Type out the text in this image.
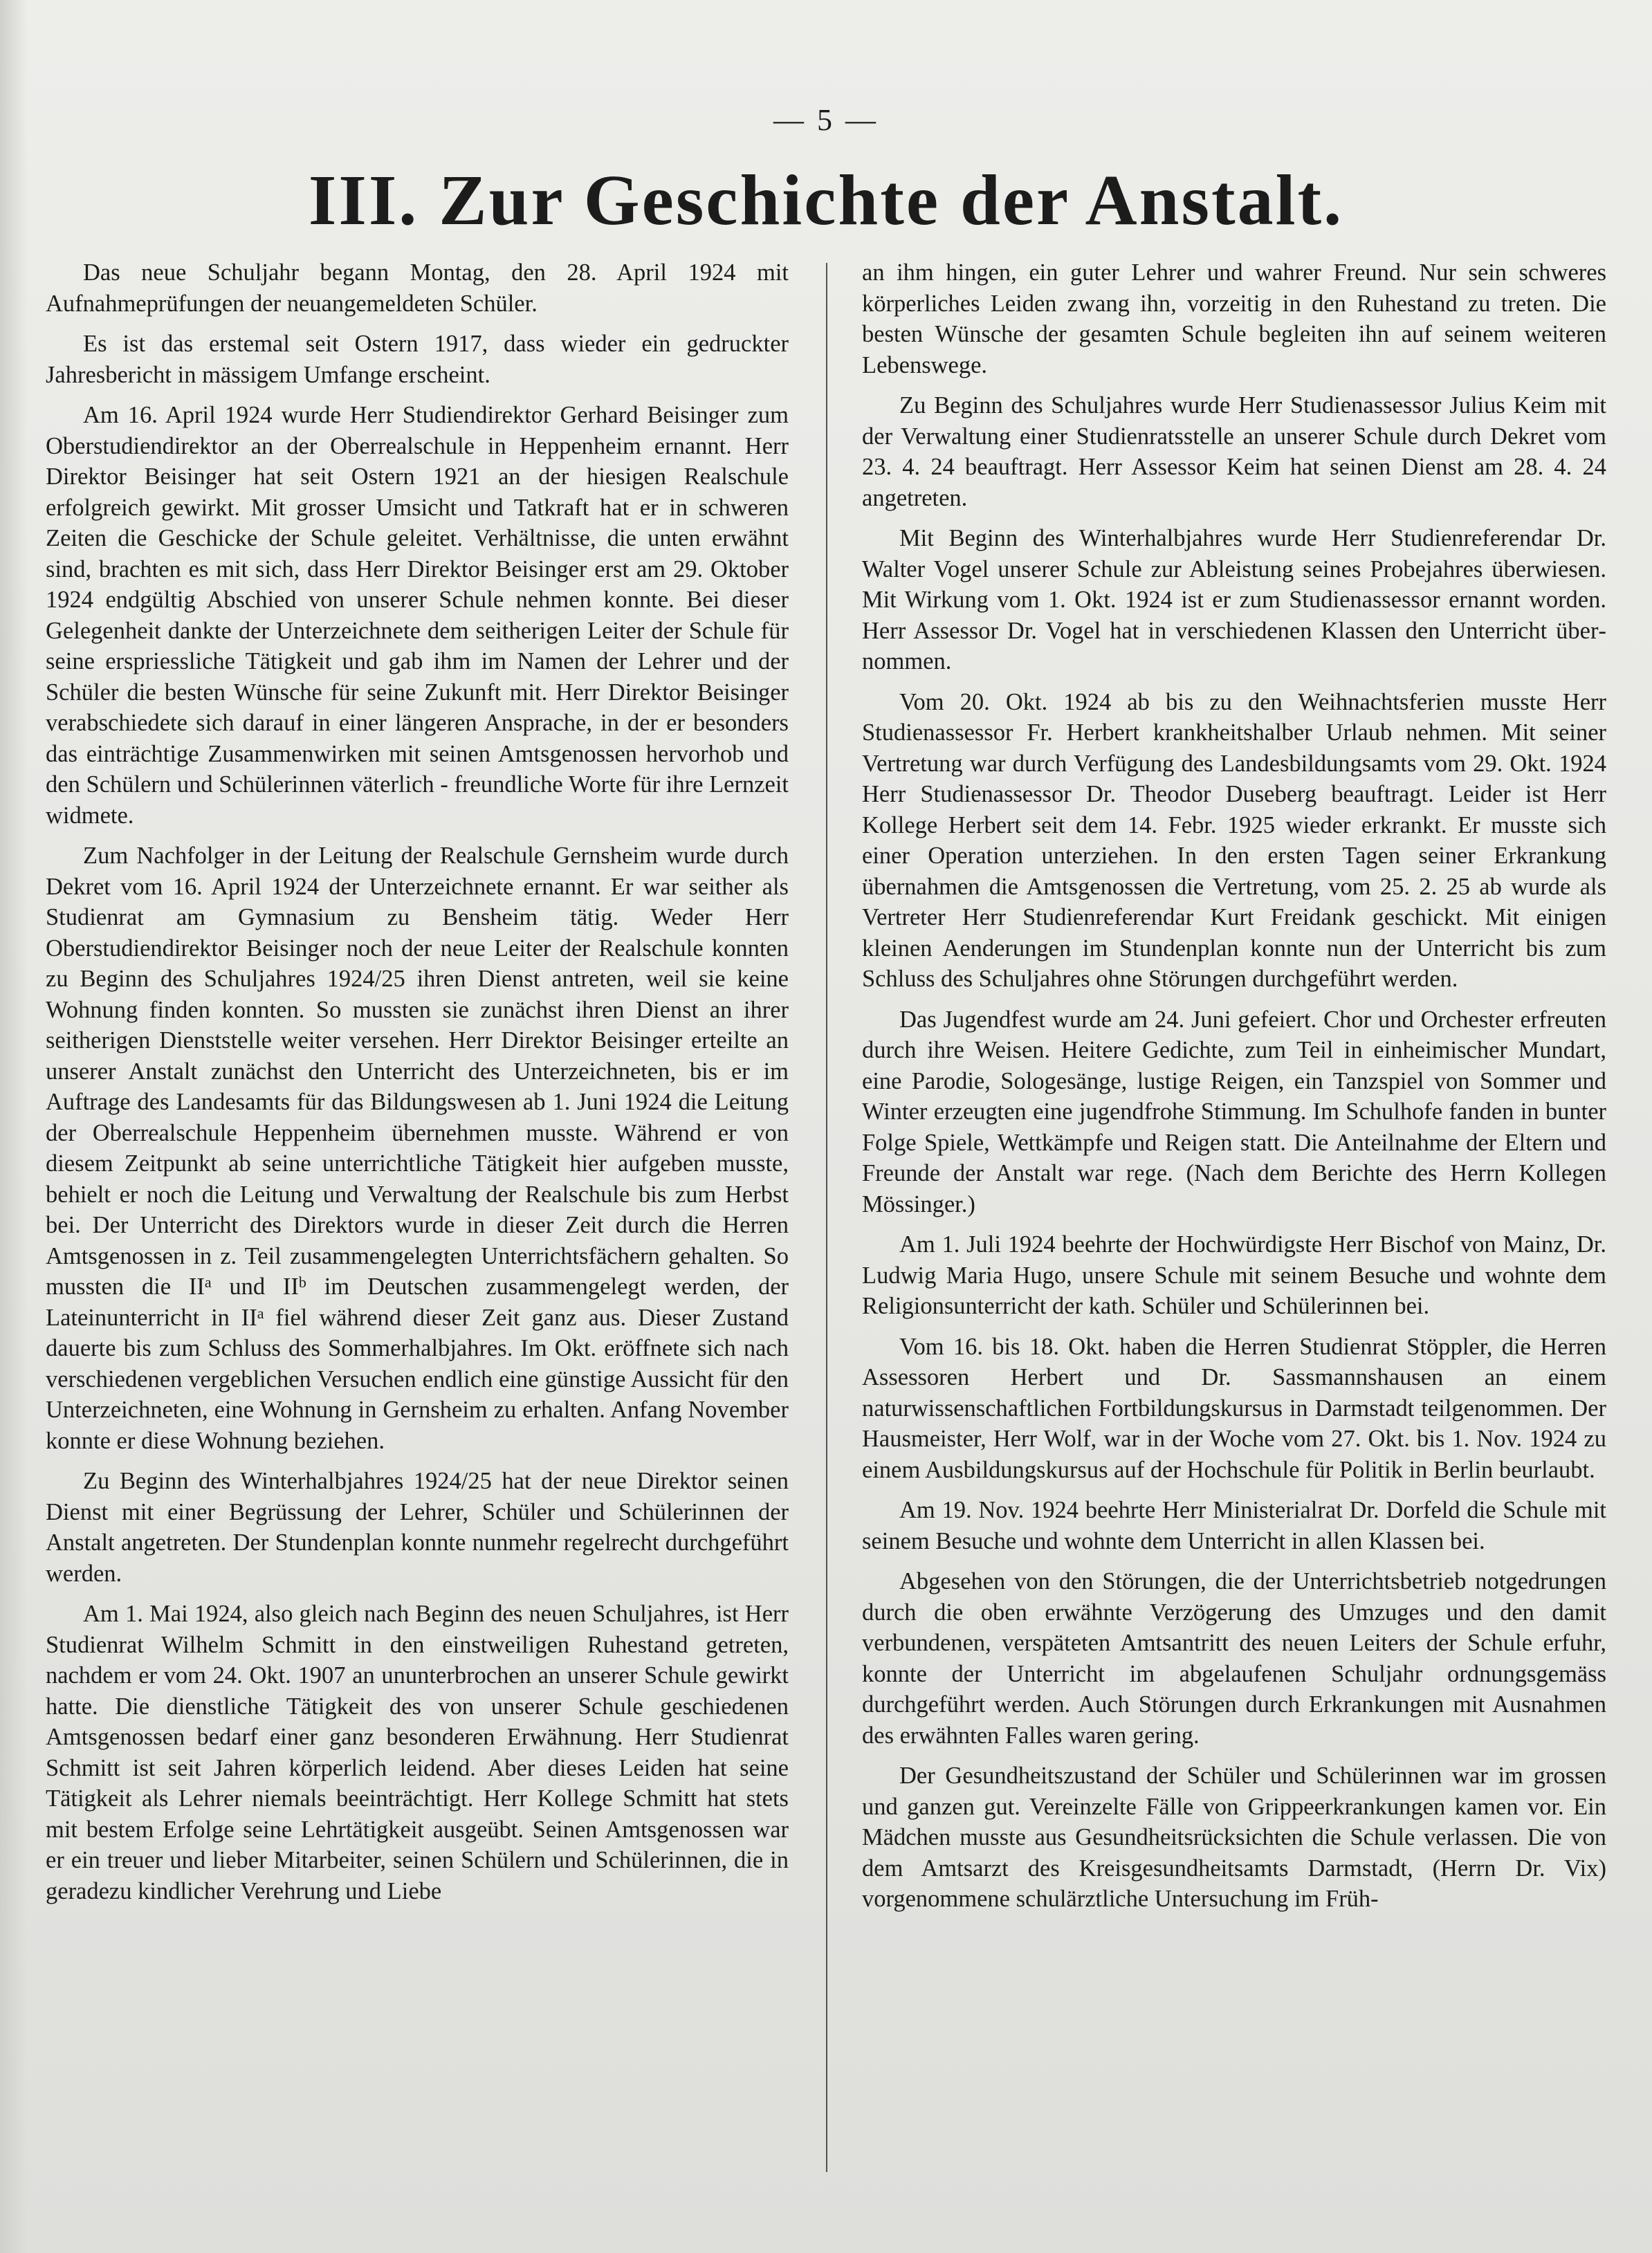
— 5 —
III. Zur Geschichte der Anstalt.

Das neue Schuljahr begann Montag, den 28. April 1924 mit Aufnahmeprüfungen der neuangemeldeten Schüler.

Es ist das erstemal seit Ostern 1917, dass wieder ein gedruckter Jahresbericht in mässigem Umfange erscheint.

Am 16. April 1924 wurde Herr Studiendirektor Gerhard Beisinger zum Oberstudiendirektor an der Oberrealschule in Heppenheim ernannt. Herr Direktor Beisinger hat seit Ostern 1921 an der hiesigen Realschule erfolgreich gewirkt. Mit grosser Umsicht und Tatkraft hat er in schweren Zeiten die Geschicke der Schule geleitet. Verhältnisse, die unten erwähnt sind, brachten es mit sich, dass Herr Direktor Beisinger erst am 29. Oktober 1924 endgültig Abschied von unserer Schule nehmen konnte. Bei dieser Gelegenheit dankte der Unterzeichnete dem seitherigen Leiter der Schule für seine erspriessliche Tätigkeit und gab ihm im Namen der Lehrer und der Schüler die besten Wünsche für seine Zukunft mit. Herr Direktor Beisinger verabschiedete sich darauf in einer längeren Ansprache, in der er besonders das einträchtige Zusammenwirken mit seinen Amtsgenossen hervorhob und den Schülern und Schülerinnen väterlich - freundliche Worte für ihre Lernzeit widmete.

Zum Nachfolger in der Leitung der Realschule Gernsheim wurde durch Dekret vom 16. April 1924 der Unterzeichnete ernannt. Er war seither als Studienrat am Gymnasium zu Bensheim tätig. Weder Herr Oberstudiendirektor Beisinger noch der neue Leiter der Realschule konnten zu Beginn des Schuljahres 1924/25 ihren Dienst antreten, weil sie keine Wohnung finden konnten. So mussten sie zunächst ihren Dienst an ihrer seitherigen Dienststelle weiter versehen. Herr Direktor Beisinger erteilte an unserer Anstalt zunächst den Unterricht des Unterzeichneten, bis er im Auftrage des Landesamts für das Bildungswesen ab 1. Juni 1924 die Leitung der Oberrealschule Heppenheim übernehmen musste. Während er von diesem Zeitpunkt ab seine unterrichtliche Tätigkeit hier aufgeben musste, behielt er noch die Leitung und Verwaltung der Realschule bis zum Herbst bei. Der Unterricht des Direktors wurde in dieser Zeit durch die Herren Amtsgenossen in z. Teil zusammengelegten Unterrichtsfächern gehalten. So mussten die $II^a$ und $II^b$ im Deutschen zusammengelegt werden, der Lateinunterricht in $II^a$ fiel während dieser Zeit ganz aus. Dieser Zustand dauerte bis zum Schluss des Sommerhalbjahres. Im Okt. eröffnete sich nach verschiedenen vergeblichen Versuchen endlich eine günstige Aussicht für den Unterzeichneten, eine Wohnung in Gernsheim zu erhalten. Anfang November konnte er diese Wohnung beziehen.

Zu Beginn des Winterhalbjahres 1924/25 hat der neue Direktor seinen Dienst mit einer Begrüssung der Lehrer, Schüler und Schülerinnen der Anstalt angetreten. Der Stundenplan konnte nunmehr regelrecht durchgeführt werden.

Am 1. Mai 1924, also gleich nach Beginn des neuen Schuljahres, ist Herr Studienrat Wilhelm Schmitt in den einstweiligen Ruhestand getreten, nachdem er vom 24. Okt. 1907 an ununterbrochen an unserer Schule gewirkt hatte. Die dienstliche Tätigkeit des von unserer Schule geschiedenen Amtsgenossen bedarf einer ganz besonderen Erwähnung. Herr Studienrat Schmitt ist seit Jahren körperlich leidend. Aber dieses Leiden hat seine Tätigkeit als Lehrer niemals beeinträchtigt. Herr Kollege Schmitt hat stets mit bestem Erfolge seine Lehrtätigkeit ausgeübt. Seinen Amtsgenossen war er ein treuer und lieber Mitarbeiter, seinen Schülern und Schülerinnen, die in geradezu kindlicher Verehrung und Liebe

an ihm hingen, ein guter Lehrer und wahrer Freund. Nur sein schweres körperliches Leiden zwang ihn, vorzeitig in den Ruhestand zu treten. Die besten Wünsche der gesamten Schule begleiten ihn auf seinem weiteren Lebenswege.

Zu Beginn des Schuljahres wurde Herr Studienassessor Julius Keim mit der Verwaltung einer Studienratsstelle an unserer Schule durch Dekret vom 23. 4. 24 beauftragt. Herr Assessor Keim hat seinen Dienst am 28. 4. 24 angetreten.

Mit Beginn des Winterhalbjahres wurde Herr Studienreferendar Dr. Walter Vogel unserer Schule zur Ableistung seines Probejahres überwiesen. Mit Wirkung vom 1. Okt. 1924 ist er zum Studienassessor ernannt worden. Herr Assessor Dr. Vogel hat in verschiedenen Klassen den Unterricht übernommen.

Vom 20. Okt. 1924 ab bis zu den Weihnachtsferien musste Herr Studienassessor Fr. Herbert krankheitshalber Urlaub nehmen. Mit seiner Vertretung war durch Verfügung des Landesbildungsamts vom 29. Okt. 1924 Herr Studienassessor Dr. Theodor Duseberg beauftragt. Leider ist Herr Kollege Herbert seit dem 14. Febr. 1925 wieder erkrankt. Er musste sich einer Operation unterziehen. In den ersten Tagen seiner Erkrankung übernahmen die Amtsgenossen die Vertretung, vom 25. 2. 25 ab wurde als Vertreter Herr Studienreferendar Kurt Freidank geschickt. Mit einigen kleinen Aenderungen im Stundenplan konnte nun der Unterricht bis zum Schluss des Schuljahres ohne Störungen durchgeführt werden.

Das Jugendfest wurde am 24. Juni gefeiert. Chor und Orchester erfreuten durch ihre Weisen. Heitere Gedichte, zum Teil in einheimischer Mundart, eine Parodie, Sologesänge, lustige Reigen, ein Tanzspiel von Sommer und Winter erzeugten eine jugendfrohe Stimmung. Im Schulhofe fanden in bunter Folge Spiele, Wettkämpfe und Reigen statt. Die Anteilnahme der Eltern und Freunde der Anstalt war rege. (Nach dem Berichte des Herrn Kollegen Mössinger.)

Am 1. Juli 1924 beehrte der Hochwürdigste Herr Bischof von Mainz, Dr. Ludwig Maria Hugo, unsere Schule mit seinem Besuche und wohnte dem Religionsunterricht der kath. Schüler und Schülerinnen bei.

Vom 16. bis 18. Okt. haben die Herren Studienrat Stöppler, die Herren Assessoren Herbert und Dr. Sassmannshausen an einem naturwissenschaftlichen Fortbildungskursus in Darmstadt teilgenommen. Der Hausmeister, Herr Wolf, war in der Woche vom 27. Okt. bis 1. Nov. 1924 zu einem Ausbildungskursus auf der Hochschule für Politik in Berlin beurlaubt.

Am 19. Nov. 1924 beehrte Herr Ministerialrat Dr. Dorfeld die Schule mit seinem Besuche und wohnte dem Unterricht in allen Klassen bei.

Abgesehen von den Störungen, die der Unterrichtsbetrieb notgedrungen durch die oben erwähnte Verzögerung des Umzuges und den damit verbundenen, verspäteten Amtsantritt des neuen Leiters der Schule erfuhr, konnte der Unterricht im abgelaufenen Schuljahr ordnungsgemäss durchgeführt werden. Auch Störungen durch Erkrankungen mit Ausnahmen des erwähnten Falles waren gering.

Der Gesundheitszustand der Schüler und Schülerinnen war im grossen und ganzen gut. Vereinzelte Fälle von Grippeerkrankungen kamen vor. Ein Mädchen musste aus Gesundheitsrücksichten die Schule verlassen. Die von dem Amtsarzt des Kreisgesundheitsamts Darmstadt, (Herrn Dr. Vix) vorgenommene schulärztliche Untersuchung im Früh-
